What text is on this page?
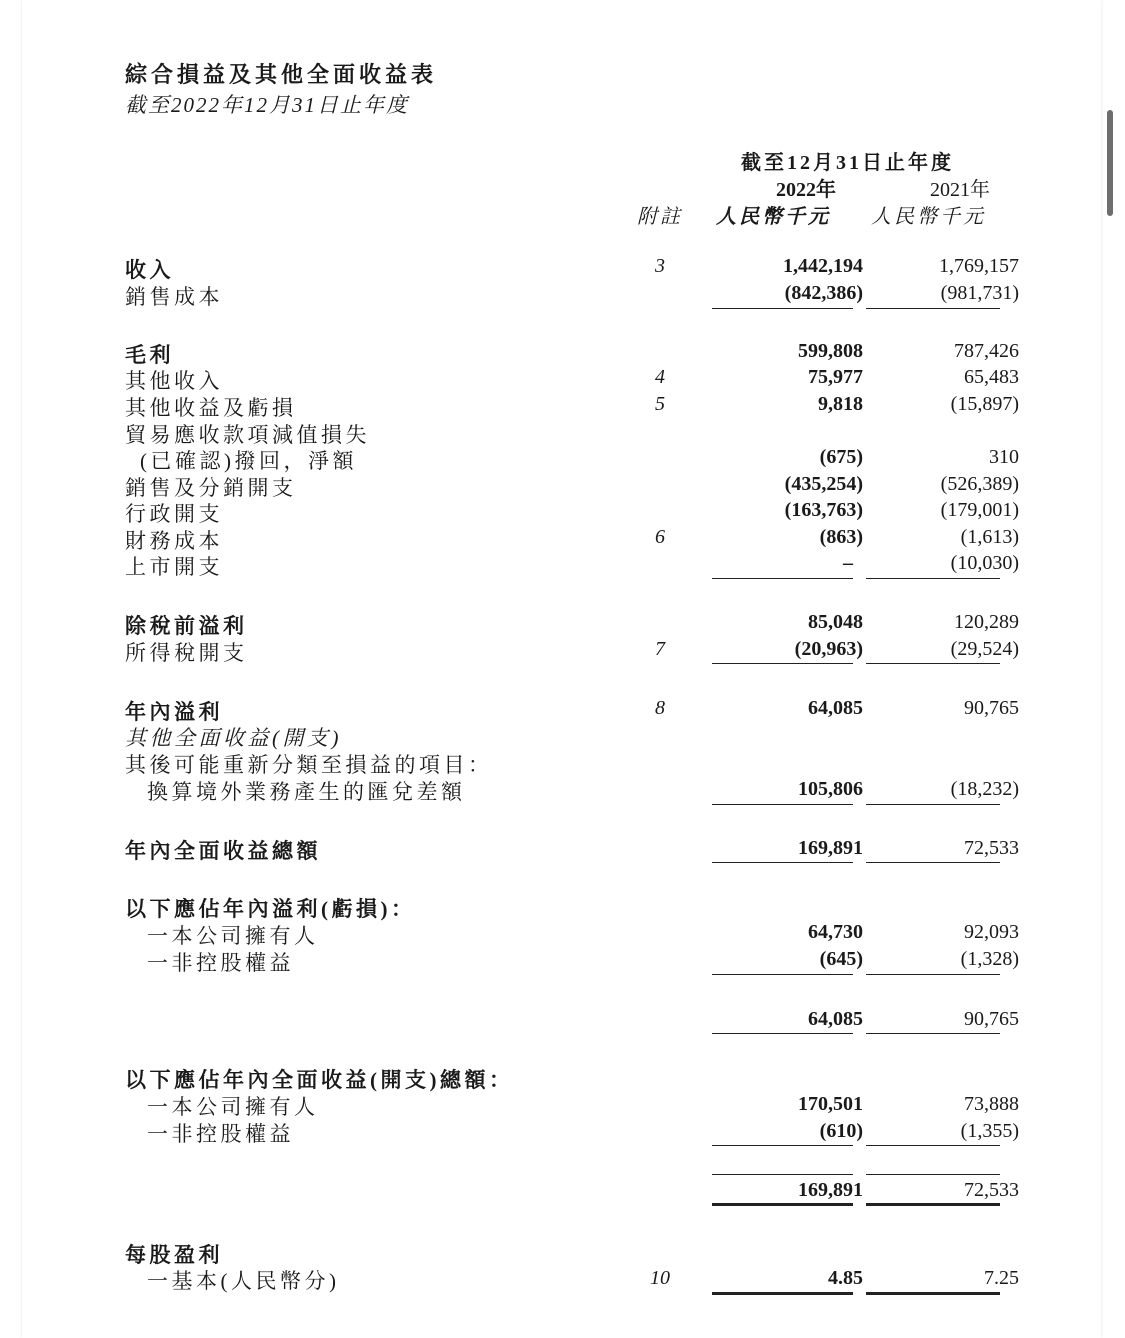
綜合損益及其他全面收益表
截至2022年12月31日止年度
截至12月31日止年度
2022年	2021年
附註 人民幣千元 人民幣千元
收入	3	1,442,194	1,769,157
銷售成本	(842,386)	(981,731)
毛利	599,808	787,426
其他收入	4	75,977	65,483
其他收益及虧損	5	9,818	(15,897)
貿易應收款項減值損失
(已確認)撥回，淨額	(675)	310
銷售及分銷開支	(435,254)	(526,389)
行政開支	(163,763)	(179,001)
財務成本	6	(863)	(1,613)
上市開支	–	(10,030)
除稅前溢利	85,048	120,289
所得稅開支	7	(20,963)	(29,524)
年內溢利	8	64,085	90,765
其他全面收益(開支)
其後可能重新分類至損益的項目：
換算境外業務產生的匯兌差額	105,806	(18,232)
年內全面收益總額	169,891	72,533
以下應佔年內溢利(虧損)：
一本公司擁有人	64,730	92,093
一非控股權益	(645)	(1,328)
64,085	90,765
以下應佔年內全面收益(開支)總額：
一本公司擁有人	170,501	73,888
一非控股權益	(610)	(1,355)
169,891	72,533
每股盈利
一基本(人民幣分)	10	4.85	7.25
